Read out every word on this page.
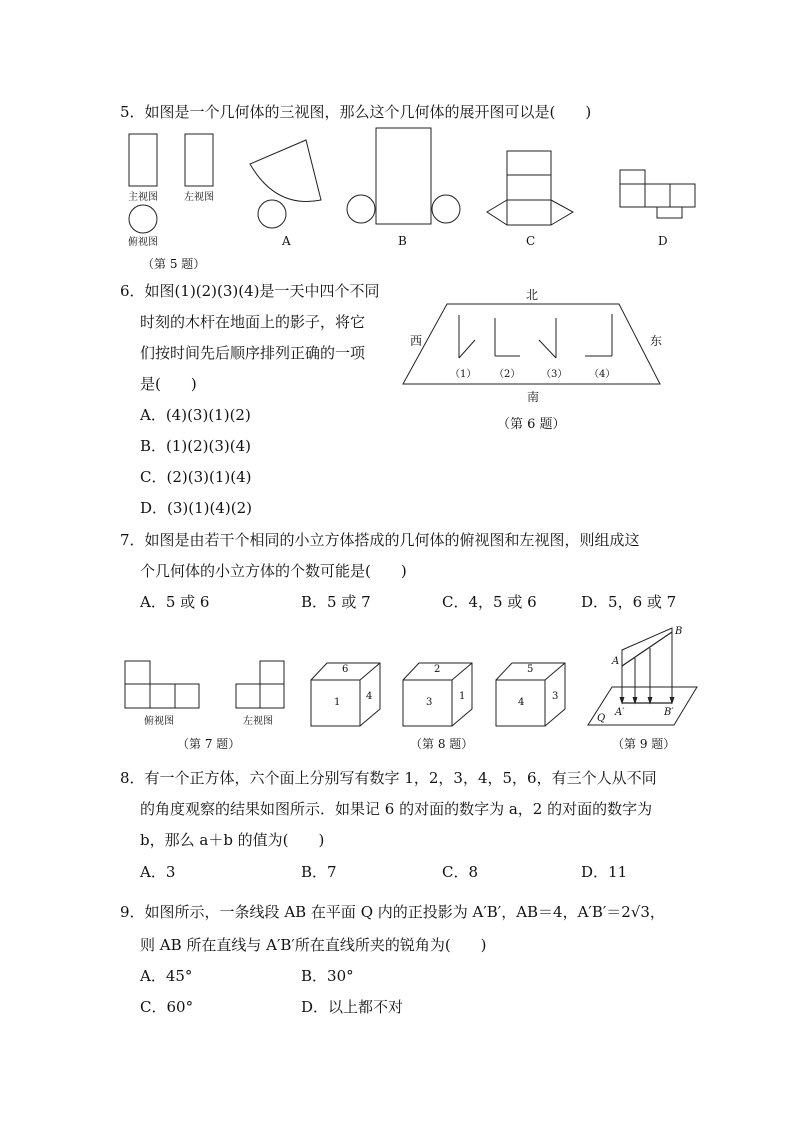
5．如图是一个几何体的三视图，那么这个几何体的展开图可以是(　　)
主视图	左视图
俯视图	A	B	C	D
（第 5 题）
6．如图(1)(2)(3)(4)是一天中四个不同
时刻的木杆在地面上的影子，将它
们按时间先后顺序排列正确的一项
是(　　)
A．(4)(3)(1)(2)
B．(1)(2)(3)(4)
C．(2)(3)(1)(4)
D．(3)(1)(4)(2)
北
西	东
南
（1） （2） （3） （4）
（第 6 题）
7．如图是由若干个相同的小立方体搭成的几何体的俯视图和左视图，则组成这
个几何体的小立方体的个数可能是(　　)
A．5 或 6	B．5 或 7	C．4，5 或 6	D．5，6 或 7
俯视图	左视图
（第 7 题）
6
1
4
2
3
1
5
4
3
（第 8 题）
A
B
A′	B′
Q
（第 9 题）
8．有一个正方体，六个面上分别写有数字 1，2，3，4，5，6，有三个人从不同
的角度观察的结果如图所示．如果记 6 的对面的数字为 a，2 的对面的数字为
b，那么 a＋b 的值为(　　)
A．3	B．7	C．8	D．11
9．如图所示，一条线段 AB 在平面 Q 内的正投影为 A′B′，AB＝4，A′B′＝2√3，
则 AB 所在直线与 A′B′所在直线所夹的锐角为(　　)
A．45°	B．30°
C．60°	D．以上都不对
